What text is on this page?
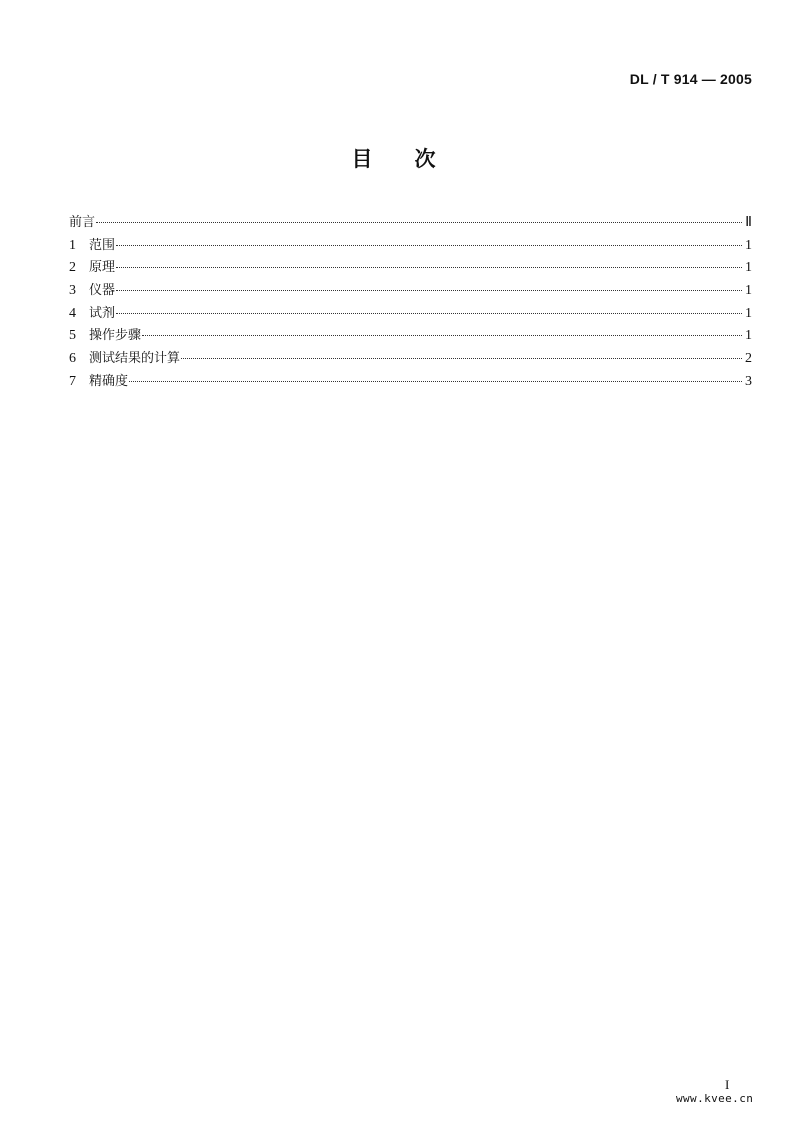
DL / T 914 — 2005
目 次
前言	Ⅱ
1	范围	1
2	原理	1
3	仪器	1
4	试剂	1
5	操作步骤	1
6	测试结果的计算	2
7	精确度	3
I
www.kvee.cn
